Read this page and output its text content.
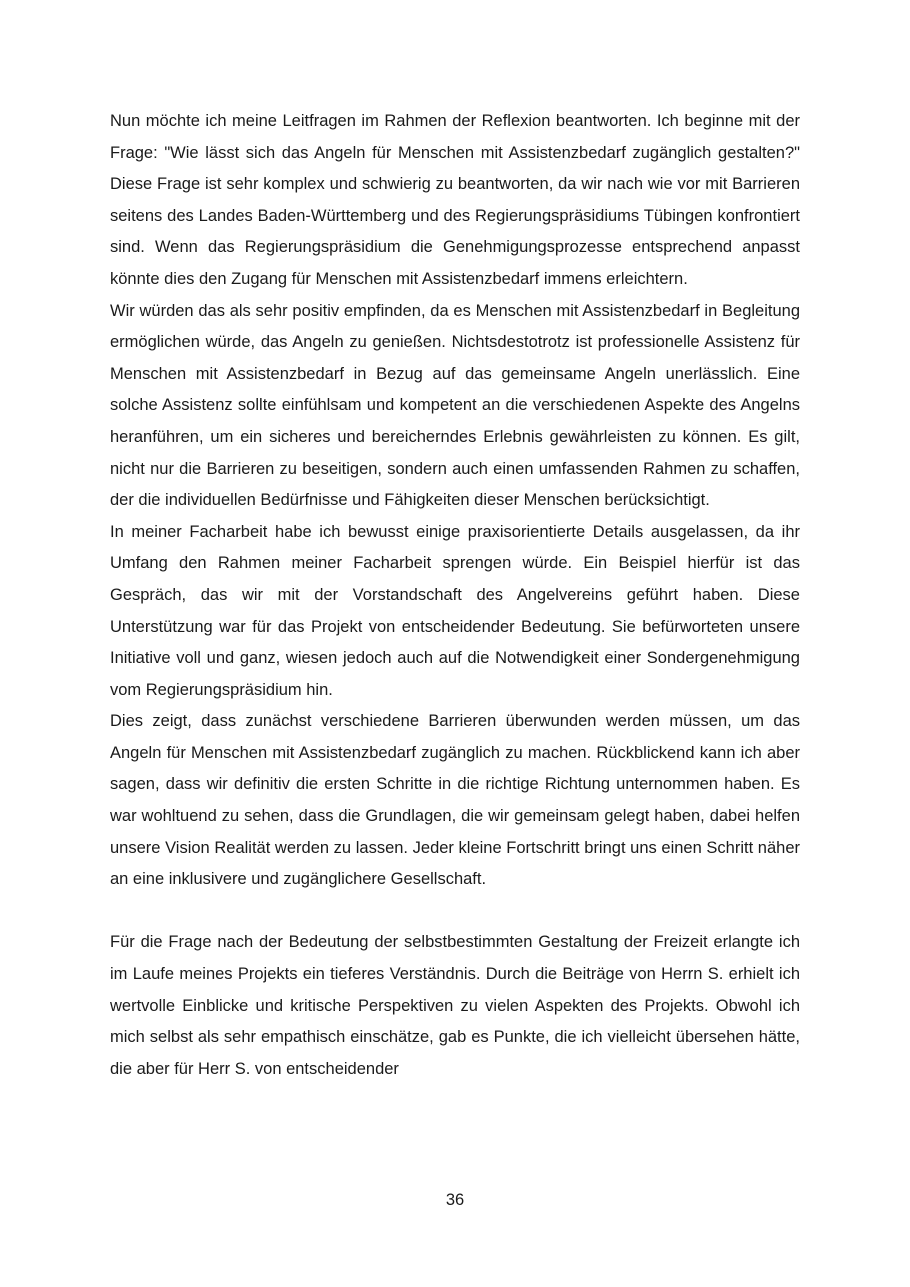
Nun möchte ich meine Leitfragen im Rahmen der Reflexion beantworten. Ich beginne mit der Frage: "Wie lässt sich das Angeln für Menschen mit Assistenzbedarf zugänglich gestalten?" Diese Frage ist sehr komplex und schwierig zu beantworten, da wir nach wie vor mit Barrieren seitens des Landes Baden-Württemberg und des Regierungspräsidiums Tübingen konfrontiert sind. Wenn das Regierungspräsidium die Genehmigungsprozesse entsprechend anpasst könnte dies den Zugang für Menschen mit Assistenzbedarf immens erleichtern.

Wir würden das als sehr positiv empfinden, da es Menschen mit Assistenzbedarf in Begleitung ermöglichen würde, das Angeln zu genießen. Nichtsdestotrotz ist professionelle Assistenz für Menschen mit Assistenzbedarf in Bezug auf das gemeinsame Angeln unerlässlich. Eine solche Assistenz sollte einfühlsam und kompetent an die verschiedenen Aspekte des Angelns heranführen, um ein sicheres und bereicherndes Erlebnis gewährleisten zu können. Es gilt, nicht nur die Barrieren zu beseitigen, sondern auch einen umfassenden Rahmen zu schaffen, der die individuellen Bedürfnisse und Fähigkeiten dieser Menschen berücksichtigt.

In meiner Facharbeit habe ich bewusst einige praxisorientierte Details ausgelassen, da ihr Umfang den Rahmen meiner Facharbeit sprengen würde. Ein Beispiel hierfür ist das Gespräch, das wir mit der Vorstandschaft des Angelvereins geführt haben. Diese Unterstützung war für das Projekt von entscheidender Bedeutung. Sie befürworteten unsere Initiative voll und ganz, wiesen jedoch auch auf die Notwendigkeit einer Sondergenehmigung vom Regierungspräsidium hin.

Dies zeigt, dass zunächst verschiedene Barrieren überwunden werden müssen, um das Angeln für Menschen mit Assistenzbedarf zugänglich zu machen. Rückblickend kann ich aber sagen, dass wir definitiv die ersten Schritte in die richtige Richtung unternommen haben. Es war wohltuend zu sehen, dass die Grundlagen, die wir gemeinsam gelegt haben, dabei helfen unsere Vision Realität werden zu lassen. Jeder kleine Fortschritt bringt uns einen Schritt näher an eine inklusivere und zugänglichere Gesellschaft.

Für die Frage nach der Bedeutung der selbstbestimmten Gestaltung der Freizeit erlangte ich im Laufe meines Projekts ein tieferes Verständnis. Durch die Beiträge von Herrn S. erhielt ich wertvolle Einblicke und kritische Perspektiven zu vielen Aspekten des Projekts. Obwohl ich mich selbst als sehr empathisch einschätze, gab es Punkte, die ich vielleicht übersehen hätte, die aber für Herr S. von entscheidender

36
